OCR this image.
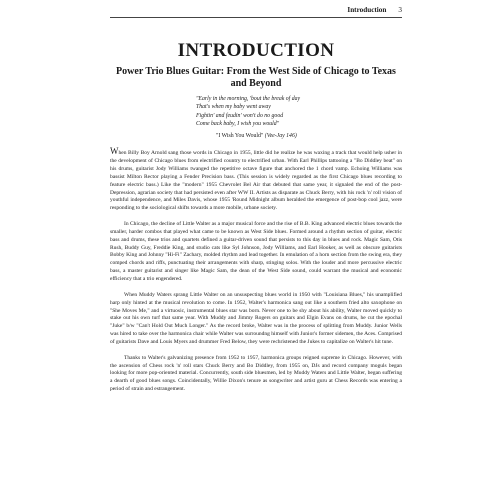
Introduction 3
INTRODUCTION
Power Trio Blues Guitar: From the West Side of Chicago to Texas and Beyond
"Early in the morning, 'bout the break of day
That's when my baby went away
Fightin' and feudin' won't do no good
Come back baby, I wish you would"
"I Wish You Would" (Vee-Jay 146)

When Billy Boy Arnold sang those words in Chicago in 1955, little did he realize he was waxing a track that would help usher in the development of Chicago blues from electrified country to electrified urban. With Earl Phillips tattooing a "Bo Diddley beat" on his drums, guitarist Jody Williams twanged the repetitive octave figure that anchored the 1 chord vamp. Echoing Williams was bassist Milton Rector playing a Fender Precision bass. (This session is widely regarded as the first Chicago blues recording to feature electric bass.) Like the "modern" 1955 Chevrolet Bel Air that debuted that same year, it signaled the end of the post-Depression, agrarian society that had persisted even after WW II. Artists as disparate as Chuck Berry, with his rock 'n' roll vision of youthful independence, and Miles Davis, whose 1955 'Round Midnight album heralded the emergence of post-bop cool jazz, were responding to the sociological shifts towards a more mobile, urbane society.

In Chicago, the decline of Little Walter as a major musical force and the rise of B.B. King advanced electric blues towards the smaller, harder combos that played what came to be known as West Side blues. Formed around a rhythm section of guitar, electric bass and drums, these trios and quartets defined a guitar-driven sound that persists to this day in blues and rock. Magic Sam, Otis Rush, Buddy Guy, Freddie King, and studio cats like Syl Johnson, Jody Williams, and Earl Hooker, as well as obscure guitarists Bobby King and Johnny "Hi-Fi" Zachary, molded rhythm and lead together. In emulation of a horn section from the swing era, they comped chords and riffs, punctuating their arrangements with sharp, stinging solos. With the louder and more percussive electric bass, a master guitarist and singer like Magic Sam, the dean of the West Side sound, could warrant the musical and economic efficiency that a trio engendered.

When Muddy Waters sprang Little Walter on an unsuspecting blues world in 1950 with "Louisiana Blues," his unamplified harp only hinted at the musical revolution to come. In 1952, Walter's harmonica sang out like a southern fried alto saxophone on "She Moves Me," and a virtuosic, instrumental blues star was born. Never one to be shy about his ability, Walter moved quickly to stake out his own turf that same year. With Muddy and Jimmy Rogers on guitars and Elgin Evans on drums, he cut the epochal "Juke" b/w "Can't Hold Out Much Longer." As the record broke, Walter was in the process of splitting from Muddy. Junior Wells was hired to take over the harmonica chair while Walter was surroundng himself with Junior's former sidemen, the Aces. Comprised of guitarists Dave and Louis Myers and drummer Fred Below, they were rechristened the Jukes to capitalize on Walter's hit tune.

Thanks to Walter's galvanizing presence from 1952 to 1957, harmonica groups reigned supreme in Chicago. However, with the ascension of Chess rock 'n' roll stars Chuck Berry and Bo Diddley, from 1955 on, DJs and record company moguls began looking for more pop-oriented material. Concurrently, south side bluesmen, led by Muddy Waters and Little Walter, began suffering a dearth of good blues songs. Coincidentally, Willie Dixon's tenure as songwriter and artist guru at Chess Records was entering a period of strain and estrangement.
